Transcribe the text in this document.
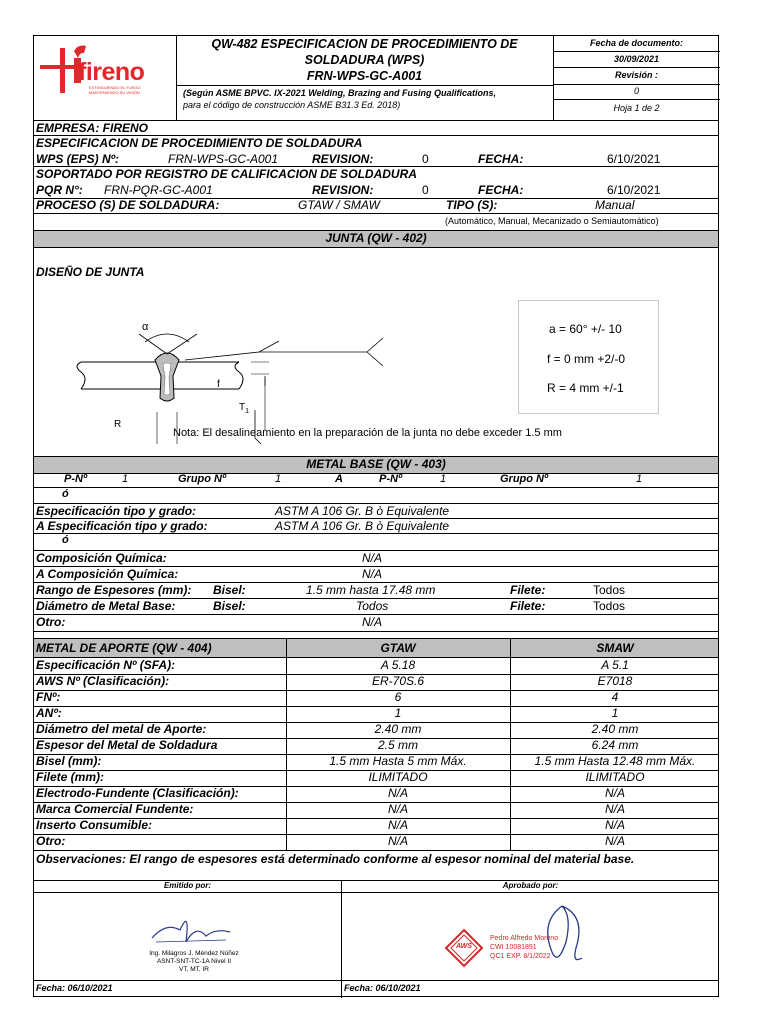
fireno
EXTINGUIENDO EL FUEGO
MANTENIENDO SU VISIÓN
QW-482 ESPECIFICACION DE PROCEDIMIENTO DE
SOLDADURA (WPS)
FRN-WPS-GC-A001
(Según ASME BPVC. IX-2021 Welding, Brazing and Fusing Qualifications,
para el código de construcción ASME B31.3 Ed. 2018)
Fecha de documento:
30/09/2021
Revisión :
0
Hoja 1 de 2
EMPRESA: FIRENO
ESPECIFICACION DE PROCEDIMIENTO DE SOLDADURA
WPS (EPS) Nº:	FRN-WPS-GC-A001	REVISION:	0	FECHA:	6/10/2021
SOPORTADO POR REGISTRO DE CALIFICACION DE SOLDADURA
PQR N°: FRN-PQR-GC-A001	REVISION:	0	FECHA:	6/10/2021
PROCESO (S) DE SOLDADURA:	GTAW / SMAW	TIPO (S):	Manual
(Automático, Manual, Mecanizado o Semiautomático)
JUNTA (QW - 402)
DISEÑO DE JUNTA
α
f
$T_1$
R
a = 60° +/- 10
f = 0 mm +2/-0
R = 4 mm +/-1
Nota: El desalineamiento en la preparación de la junta no debe exceder 1.5 mm
METAL BASE (QW - 403)
P-Nº	1	Grupo Nº	1	A	P-Nº	1	Grupo Nº	1
ó
Especificación tipo y grado:	ASTM A 106 Gr. B ò Equivalente
A Especificación tipo y grado:	ASTM A 106 Gr. B ò Equivalente
ó
Composición Química:	N/A
A Composición Química:	N/A
Rango de Espesores (mm): Bisel:	1.5 mm hasta 17.48 mm	Filete:	Todos
Diámetro de Metal Base:	Bisel:	Todos	Filete:	Todos
Otro:	N/A
METAL DE APORTE (QW - 404)	GTAW	SMAW
Especificación Nº (SFA):	A 5.18	A 5.1
AWS Nº (Clasificación):	ER-70S.6	E7018
FNº:	6	4
ANº:	1	1
Diámetro del metal de Aporte:	2.40 mm	2.40 mm
Espesor del Metal de Soldadura	2.5 mm	6.24 mm
Bisel (mm):	1.5 mm Hasta 5 mm Máx.	1.5 mm Hasta 12.48 mm Máx.
Filete (mm):	ILIMITADO	ILIMITADO
Electrodo-Fundente (Clasificación):	N/A	N/A
Marca Comercial Fundente:	N/A	N/A
Inserto Consumible:	N/A	N/A
Otro:	N/A	N/A
Observaciones: El rango de espesores está determinado conforme al espesor nominal del material base.
Emitido por:	Aprobado por:
Ing. Milagros J. Méndez Núñez
ASNT-SNT-TC-1A Nivel II
VT, MT, IR
AWS
Pedro Alfredo Moreno
CWI 10081891
QC1 EXP. 8/1/2022
Fecha: 06/10/2021	Fecha: 06/10/2021
